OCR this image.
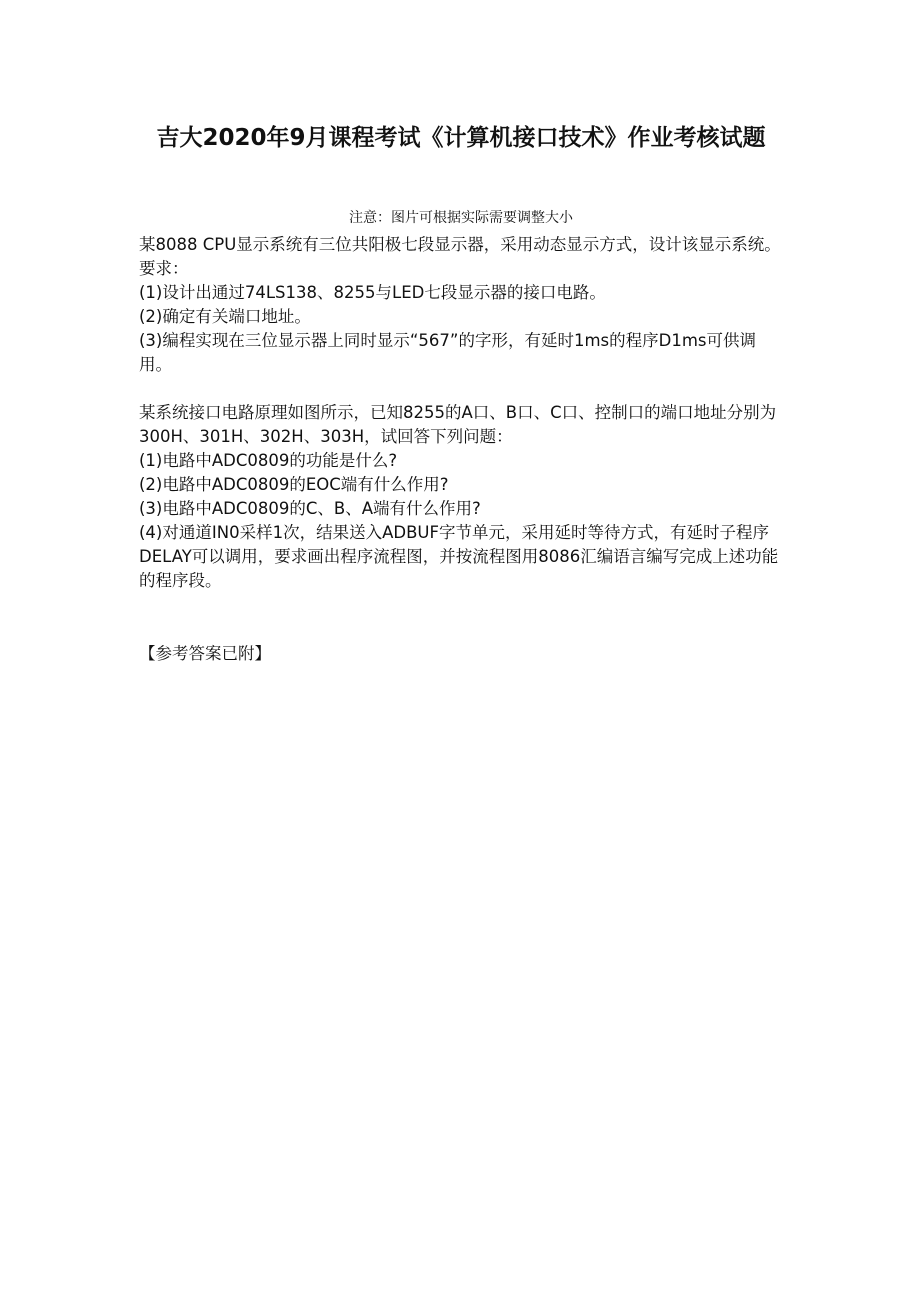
吉大2020年9月课程考试《计算机接口技术》作业考核试题
注意：图片可根据实际需要调整大小

某8088 CPU显示系统有三位共阳极七段显示器，采用动态显示方式，设计该显示系统。要求：

(1)设计出通过74LS138、8255与LED七段显示器的接口电路。

(2)确定有关端口地址。

(3)编程实现在三位显示器上同时显示“567”的字形，有延时1ms的程序D1ms可供调用。

某系统接口电路原理如图所示，已知8255的A口、B口、C口、控制口的端口地址分别为300H、301H、302H、303H，试回答下列问题：

(1)电路中ADC0809的功能是什么?

(2)电路中ADC0809的EOC端有什么作用?

(3)电路中ADC0809的C、B、A端有什么作用?

(4)对通道IN0采样1次，结果送入ADBUF字节单元，采用延时等待方式，有延时子程序DELAY可以调用，要求画出程序流程图，并按流程图用8086汇编语言编写完成上述功能的程序段。

【参考答案已附】
